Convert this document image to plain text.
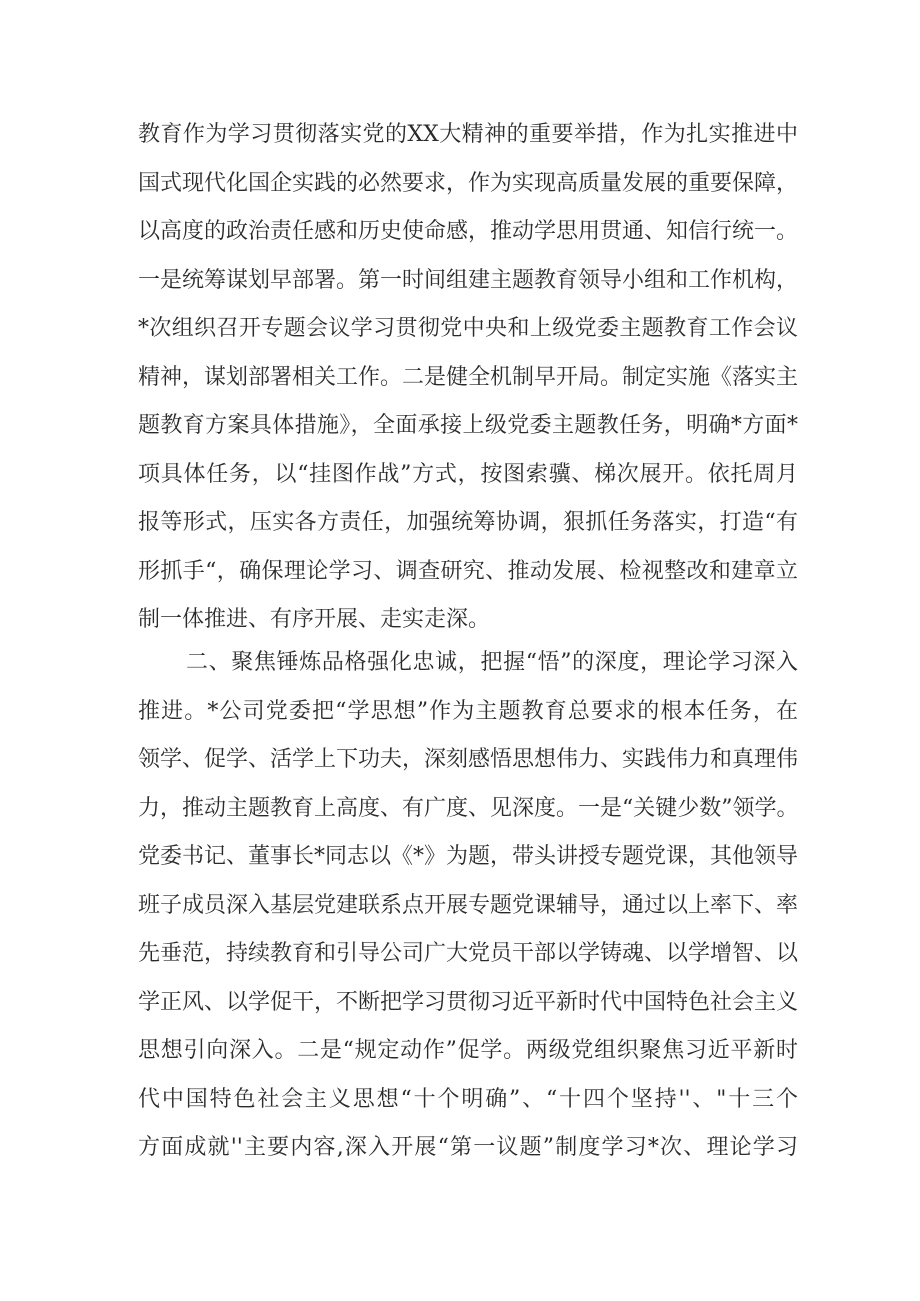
教育作为学习贯彻落实党的XX大精神的重要举措，作为扎实推进中
国式现代化国企实践的必然要求，作为实现高质量发展的重要保障，
以高度的政治责任感和历史使命感，推动学思用贯通、知信行统一。
一是统筹谋划早部署。第一时间组建主题教育领导小组和工作机构，
*次组织召开专题会议学习贯彻党中央和上级党委主题教育工作会议
精神，谋划部署相关工作。二是健全机制早开局。制定实施《落实主
题教育方案具体措施》，全面承接上级党委主题教任务，明确*方面*
项具体任务，以“挂图作战”方式，按图索骥、梯次展开。依托周月
报等形式，压实各方责任，加强统筹协调，狠抓任务落实，打造“有
形抓手“，确保理论学习、调查研究、推动发展、检视整改和建章立
制一体推进、有序开展、走实走深。
二、聚焦锤炼品格强化忠诚，把握“悟”的深度，理论学习深入
推进。*公司党委把“学思想”作为主题教育总要求的根本任务，在
领学、促学、活学上下功夫，深刻感悟思想伟力、实践伟力和真理伟
力，推动主题教育上高度、有广度、见深度。一是“关键少数”领学。
党委书记、董事长*同志以《*》为题，带头讲授专题党课，其他领导
班子成员深入基层党建联系点开展专题党课辅导，通过以上率下、率
先垂范，持续教育和引导公司广大党员干部以学铸魂、以学增智、以
学正风、以学促干，不断把学习贯彻习近平新时代中国特色社会主义
思想引向深入。二是“规定动作”促学。两级党组织聚焦习近平新时
代中国特色社会主义思想“十个明确”、“十四个坚持''、"十三个
方面成就''主要内容,深入开展“第一议题”制度学习*次、理论学习
